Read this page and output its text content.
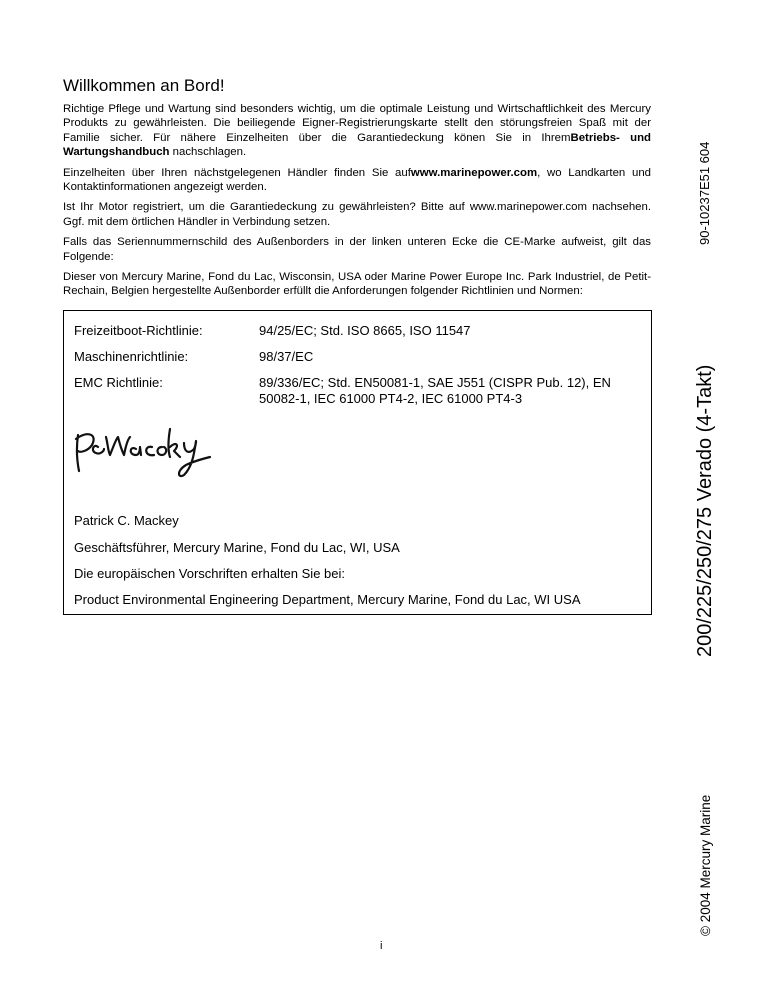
Willkommen an Bord!

Richtige Pflege und Wartung sind besonders wichtig, um die optimale Leistung und Wirtschaftlichkeit des Mercury Produkts zu gewährleisten. Die beiliegende Eigner-Registrierungskarte stellt den störungsfreien Spaß mit der Familie sicher. Für nähere Einzelheiten über die Garantiedeckung könen Sie in IhremBetriebs- und Wartungshandbuch nachschlagen.

Einzelheiten über Ihren nächstgelegenen Händler finden Sie aufwww.marinepower.com, wo Landkarten und Kontaktinformationen angezeigt werden.

Ist Ihr Motor registriert, um die Garantiedeckung zu gewährleisten? Bitte auf www.marinepower.com nachsehen. Ggf. mit dem örtlichen Händler in Verbindung setzen.

Falls das Seriennummernschild des Außenborders in der linken unteren Ecke die CE-Marke aufweist, gilt das Folgende:

Dieser von Mercury Marine, Fond du Lac, Wisconsin, USA oder Marine Power Europe Inc. Park Industriel, de Petit-Rechain, Belgien hergestellte Außenborder erfüllt die Anforderungen folgender Richtlinien und Normen:

Freizeitboot-Richtlinie:	94/25/EC; Std. ISO 8665, ISO 11547
Maschinenrichtlinie:	98/37/EC
EMC Richtlinie:	89/336/EC; Std. EN50081-1, SAE J551 (CISPR Pub. 12), EN 50082-1, IEC 61000 PT4-2, IEC 61000 PT4-3
Patrick C. Mackey
Geschäftsführer, Mercury Marine, Fond du Lac, WI, USA
Die europäischen Vorschriften erhalten Sie bei:
Product Environmental Engineering Department, Mercury Marine, Fond du Lac, WI USA
90-10237E51 604
200/225/250/275 Verado (4-Takt)
© 2004 Mercury Marine
i
